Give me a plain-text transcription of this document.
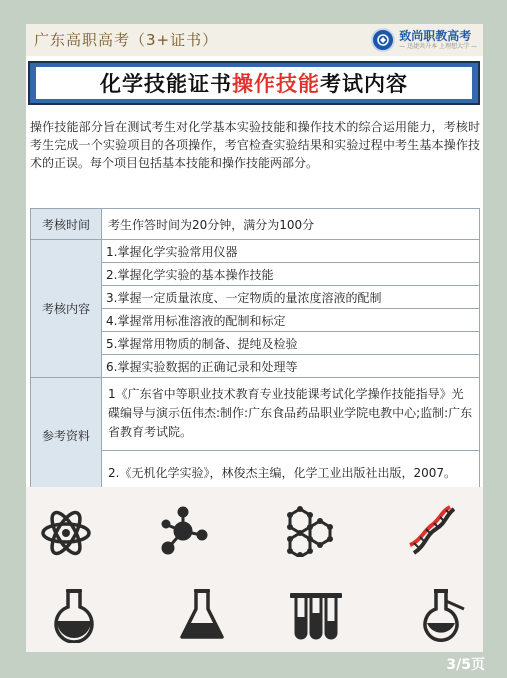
广东高职高考（3+证书）	致尚职教高考
— 迅捷共升本 上理想大学 —
化学技能证书 操作技能 考试内容
操作技能部分旨在测试考生对化学基本实验技能和操作技术的综合运用能力，考核时考生完成一个实验项目的各项操作，考官检查实验结果和实验过程中考生基本操作技术的正误。每个项目包括基本技能和操作技能两部分。
考核时间	考生作答时间为20分钟，满分为100分
考核内容	1.掌握化学实验常用仪器
	2.掌握化学实验的基本操作技能
	3.掌握一定质量浓度、一定物质的量浓度溶液的配制
	4.掌握常用标准溶液的配制和标定
	5.掌握常用物质的制备、提纯及检验
	6.掌握实验数据的正确记录和处理等
参考资料	1《广东省中等职业技术教育专业技能课考试化学操作技能指导》光碟编导与演示伍伟杰:制作:广东食品药品职业学院电教中心;监制:广东省教育考试院。
	2.《无机化学实验》，林俊杰主编，化学工业出版社出版，2007。
3/5页
